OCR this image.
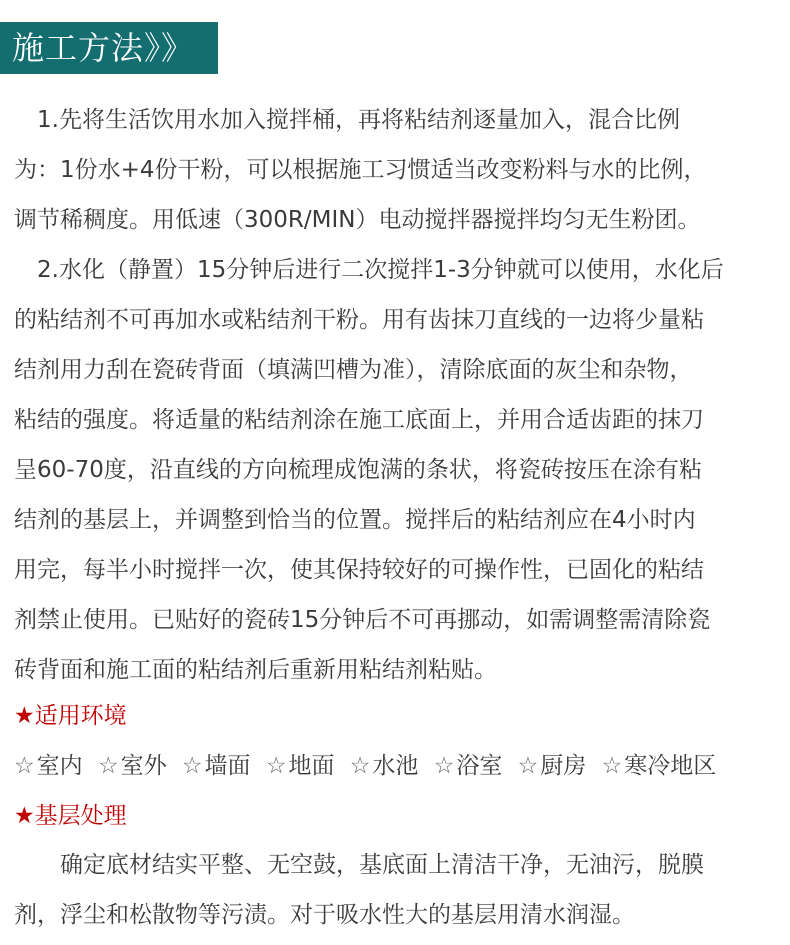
施工方法》》
　1.先将生活饮用水加入搅拌桶，再将粘结剂逐量加入，混合比例
为：1份水+4份干粉，可以根据施工习惯适当改变粉料与水的比例，
调节稀稠度。用低速（300R/MIN）电动搅拌器搅拌均匀无生粉团。
　2.水化（静置）15分钟后进行二次搅拌1-3分钟就可以使用，水化后
的粘结剂不可再加水或粘结剂干粉。用有齿抹刀直线的一边将少量粘
结剂用力刮在瓷砖背面（填满凹槽为准），清除底面的灰尘和杂物，
粘结的强度。将适量的粘结剂涂在施工底面上，并用合适齿距的抹刀
呈60-70度，沿直线的方向梳理成饱满的条状，将瓷砖按压在涂有粘
结剂的基层上，并调整到恰当的位置。搅拌后的粘结剂应在4小时内
用完，每半小时搅拌一次，使其保持较好的可操作性，已固化的粘结
剂禁止使用。已贴好的瓷砖15分钟后不可再挪动，如需调整需清除瓷
砖背面和施工面的粘结剂后重新用粘结剂粘贴。
★适用环境
☆室内 ☆室外 ☆墙面 ☆地面 ☆水池 ☆浴室 ☆厨房 ☆寒冷地区
★基层处理
　　确定底材结实平整、无空鼓，基底面上清洁干净，无油污，脱膜
剂，浮尘和松散物等污渍。对于吸水性大的基层用清水润湿。
